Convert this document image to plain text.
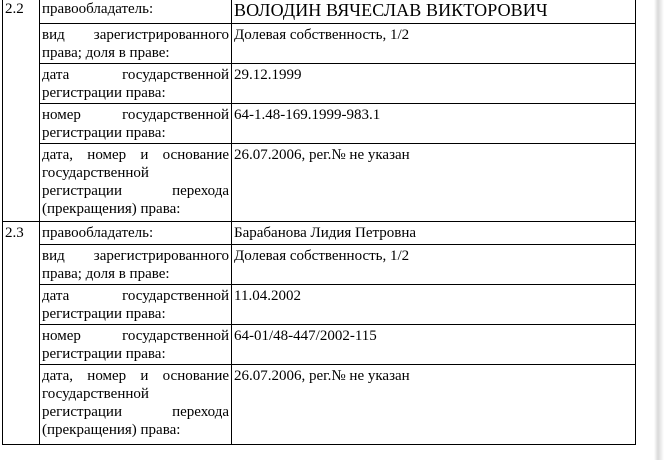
2.2	правообладатель:	ВОЛОДИН ВЯЧЕСЛАВ ВИКТОРОВИЧ
	вид зарегистрированного права; доля в праве:	Долевая собственность, 1/2
	дата государственной регистрации права:	29.12.1999
	номер государственной регистрации права:	64-1.48-169.1999-983.1
	дата, номер и основание государственной регистрации перехода (прекращения) права:	26.07.2006, рег.№ не указан
2.3	правообладатель:	Барабанова Лидия Петровна
	вид зарегистрированного права; доля в праве:	Долевая собственность, 1/2
	дата государственной регистрации права:	11.04.2002
	номер государственной регистрации права:	64-01/48-447/2002-115
	дата, номер и основание государственной регистрации перехода (прекращения) права:	26.07.2006, рег.№ не указан
